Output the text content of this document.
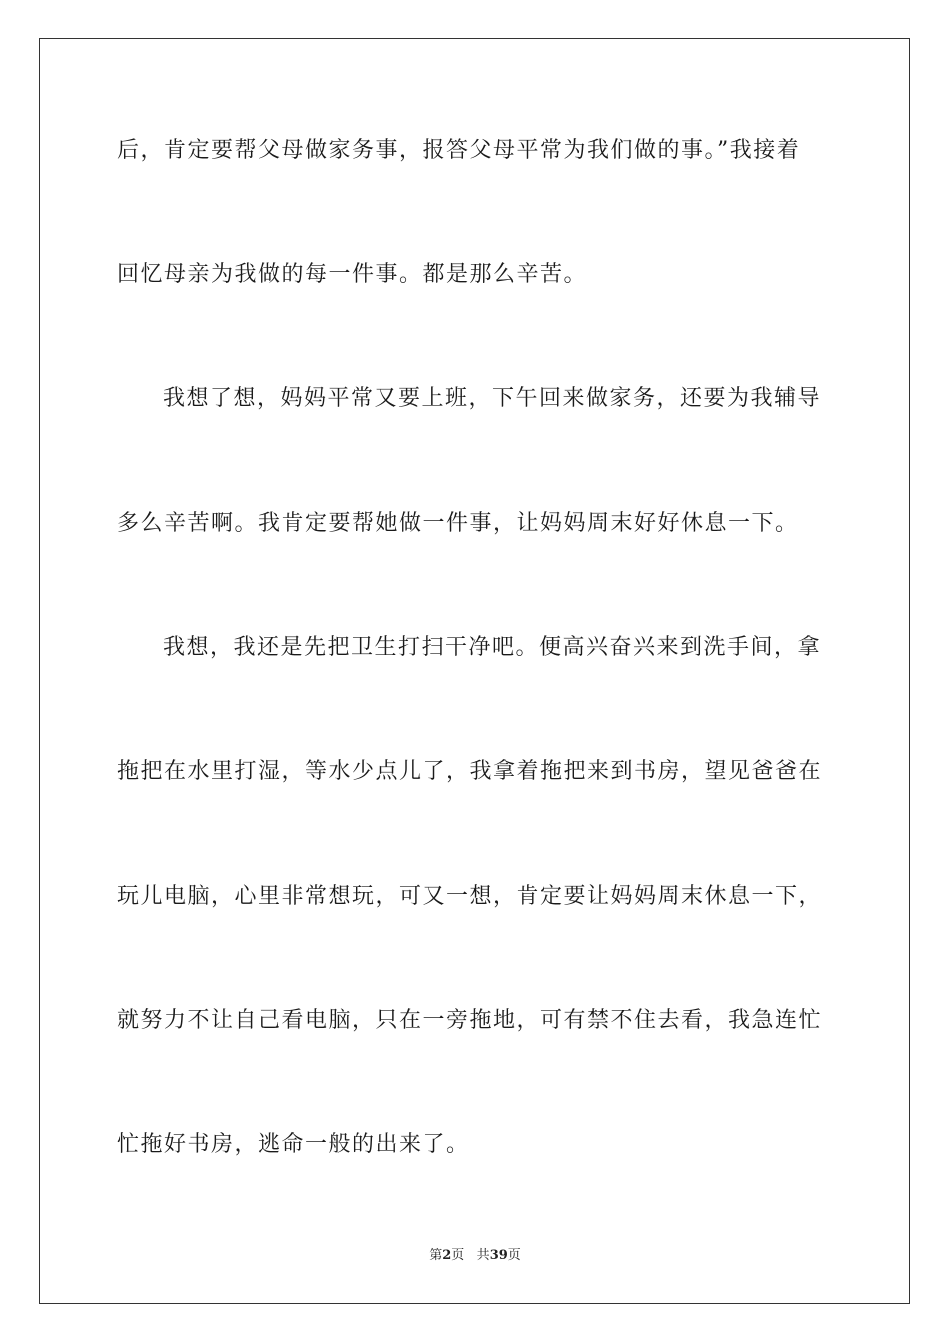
后，肯定要帮父母做家务事，报答父母平常为我们做的事。”我接着
回忆母亲为我做的每一件事。都是那么辛苦。
我想了想，妈妈平常又要上班，下午回来做家务，还要为我辅导
多么辛苦啊。我肯定要帮她做一件事，让妈妈周末好好休息一下。
我想，我还是先把卫生打扫干净吧。便高兴奋兴来到洗手间，拿
拖把在水里打湿，等水少点儿了，我拿着拖把来到书房，望见爸爸在
玩儿电脑，心里非常想玩，可又一想，肯定要让妈妈周末休息一下，
就努力不让自己看电脑，只在一旁拖地，可有禁不住去看，我急连忙
忙拖好书房，逃命一般的出来了。
第2页 共39页
